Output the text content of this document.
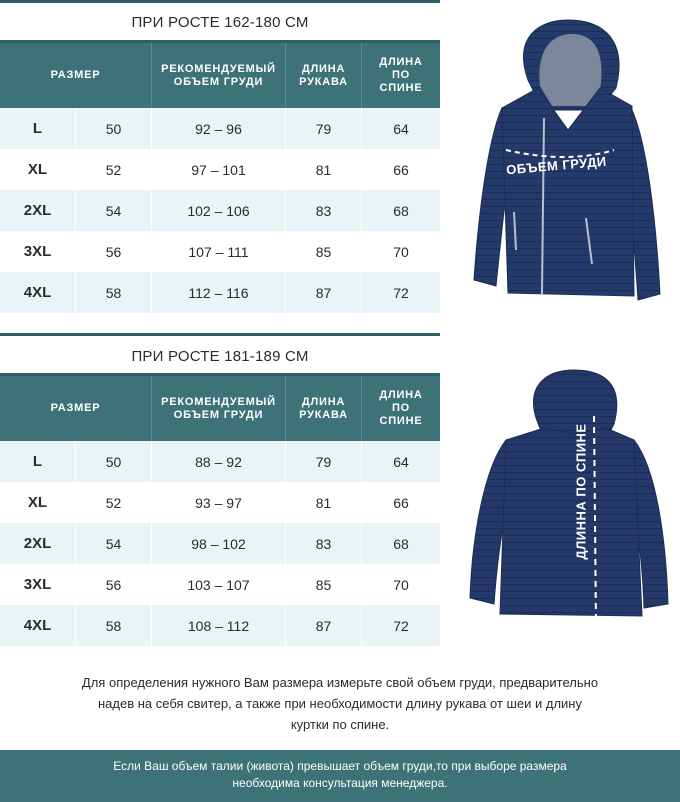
ПРИ РОСТЕ 162-180 СМ
РАЗМЕР
РЕКОМЕНДУЕМЫЙ ОБЪЕМ ГРУДИ
ДЛИНА РУКАВА
ДЛИНА ПО СПИНЕ
L	50	92 – 96	79	64
XL	52	97 – 101	81	66
2XL	54	102 – 106	83	68
3XL	56	107 – 111	85	70
4XL	58	112 – 116	87	72
ПРИ РОСТЕ 181-189 СМ
РАЗМЕР
РЕКОМЕНДУЕМЫЙ ОБЪЕМ ГРУДИ
ДЛИНА РУКАВА
ДЛИНА ПО СПИНЕ
L	50	88 – 92	79	64
XL	52	93 – 97	81	66
2XL	54	98 – 102	83	68
3XL	56	103 – 107	85	70
4XL	58	108 – 112	87	72
ОБЪЕМ ГРУДИ
ДЛИННА ПО СПИНЕ
Для определения нужного Вам размера измерьте свой объем груди, предварительно надев на себя свитер, а также при необходимости длину рукава от шеи и длину куртки по спине.
Если Ваш объем талии (живота) превышает объем груди,то при выборе размера необходима консультация менеджера.
